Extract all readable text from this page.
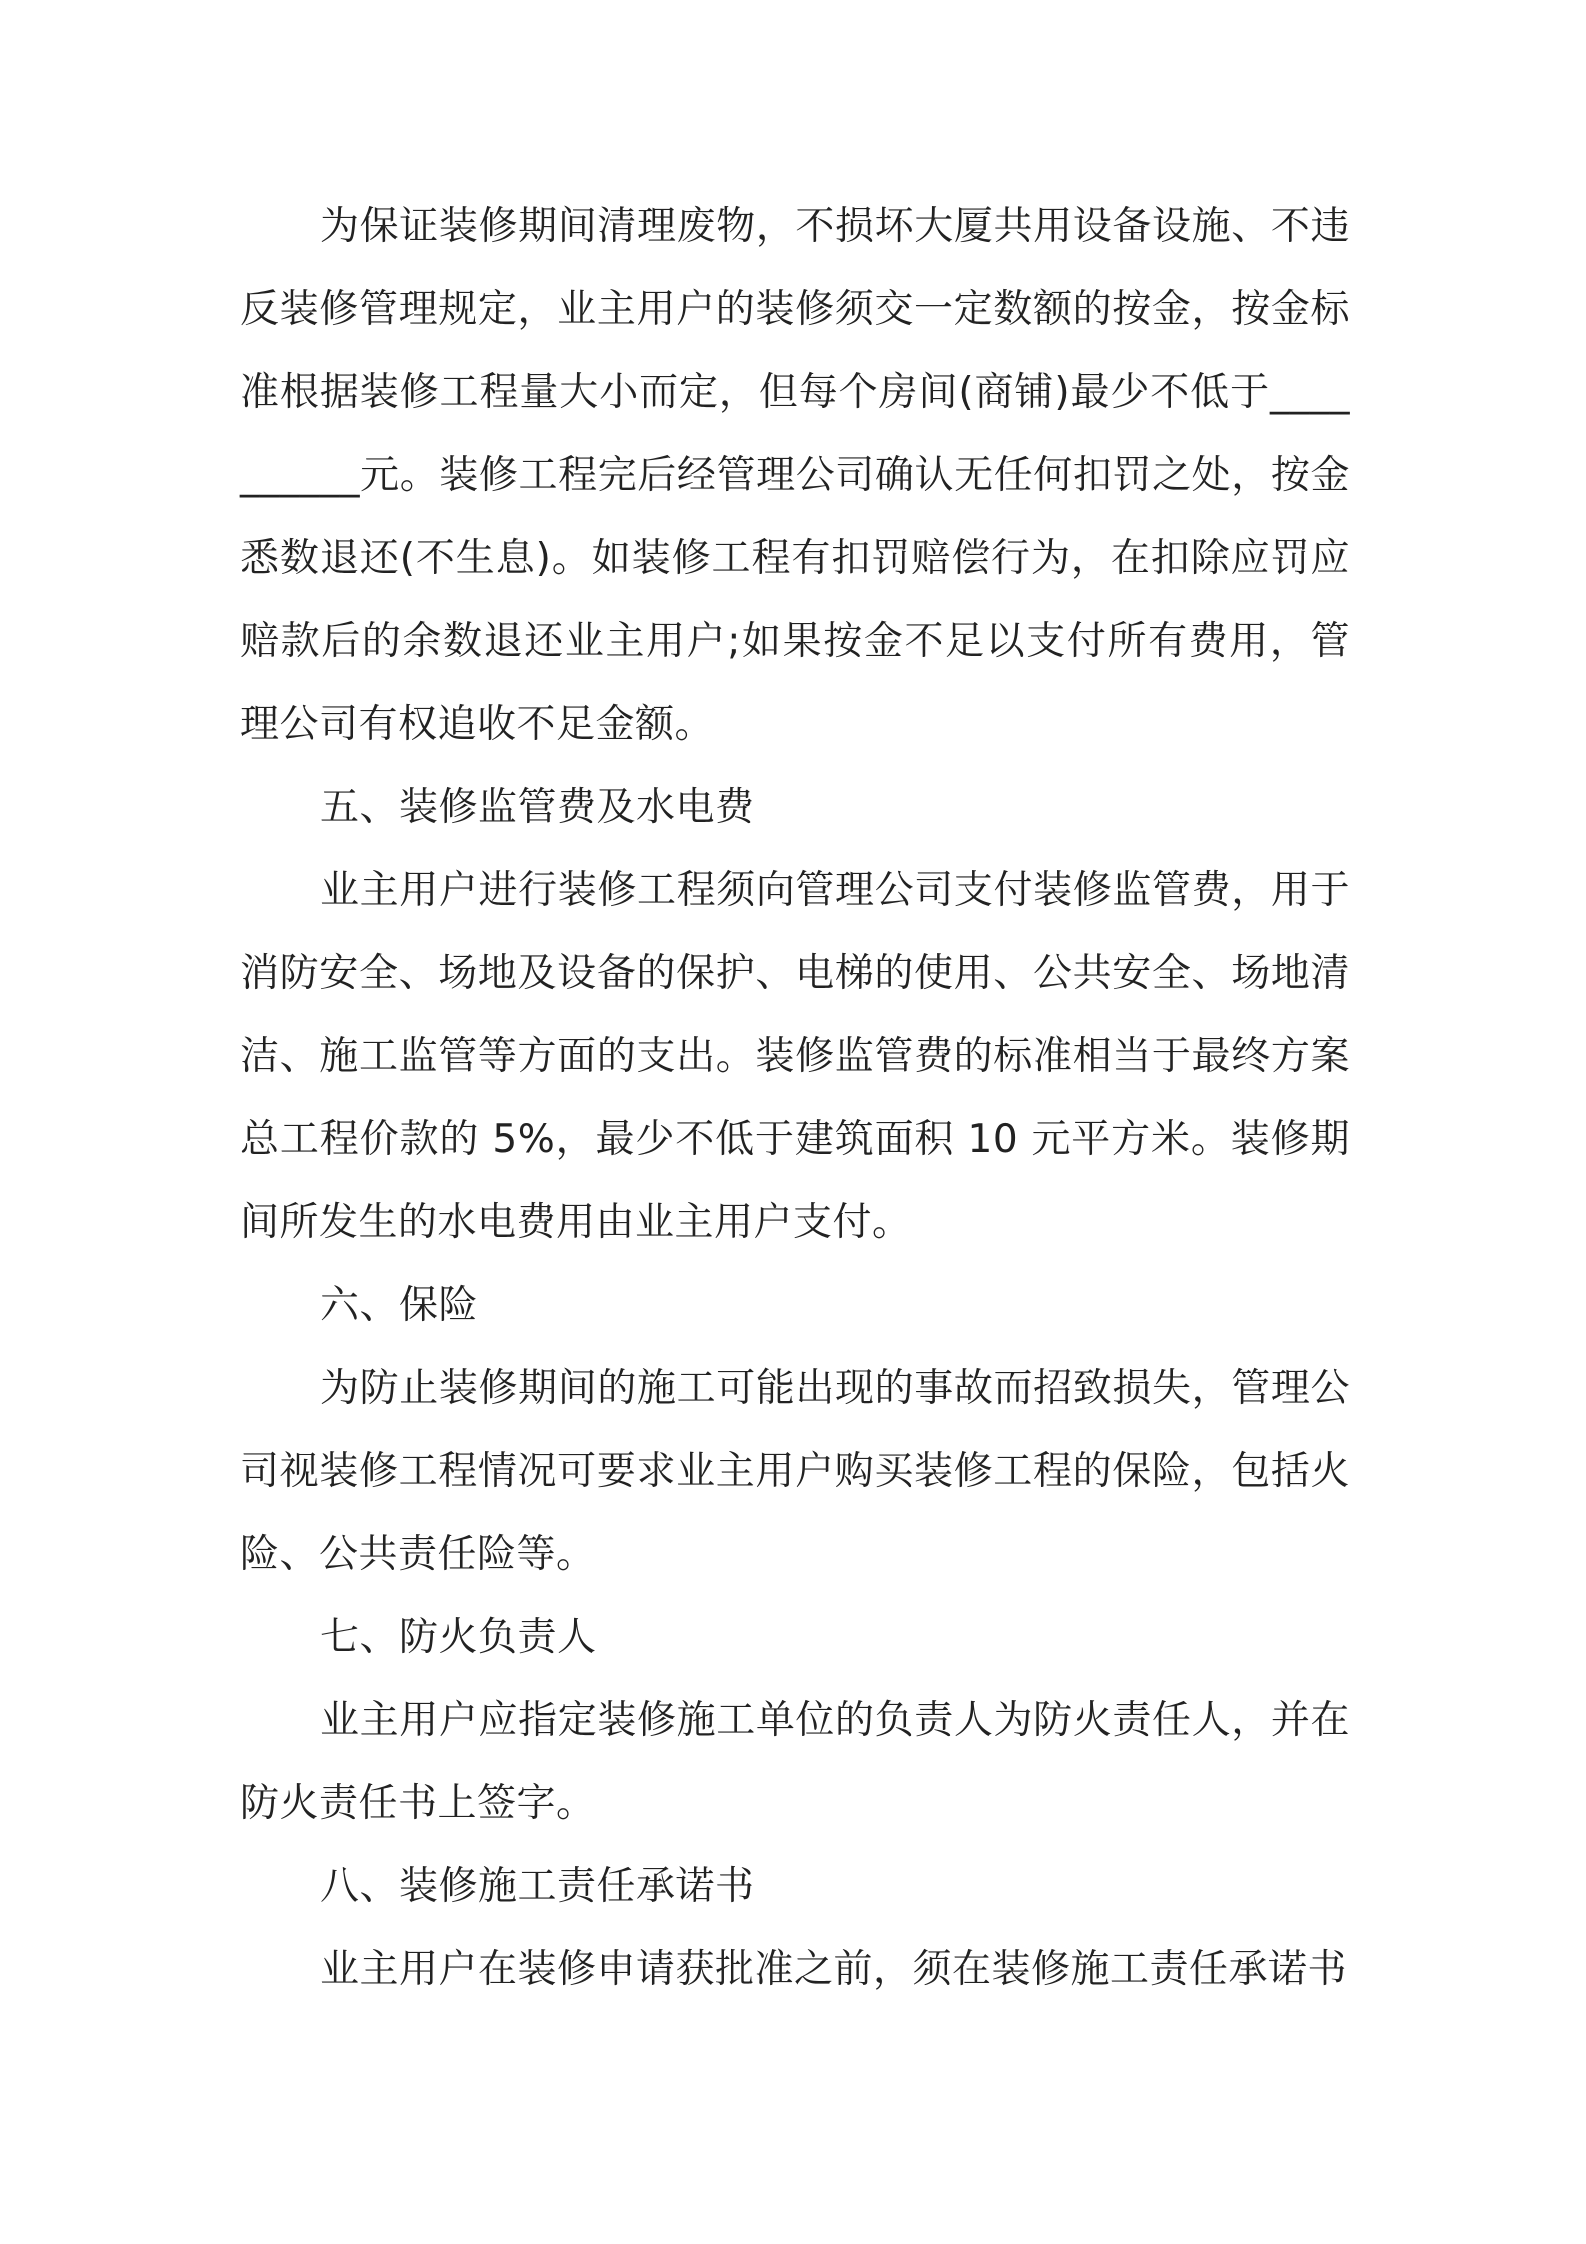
为保证装修期间清理废物，不损坏大厦共用设备设施、不违反装修管理规定，业主用户的装修须交一定数额的按金，按金标准根据装修工程量大小而定，但每个房间(商铺)最少不低于__________元。装修工程完后经管理公司确认无任何扣罚之处，按金悉数退还(不生息)。如装修工程有扣罚赔偿行为，在扣除应罚应赔款后的余数退还业主用户;如果按金不足以支付所有费用，管理公司有权追收不足金额。

五、装修监管费及水电费

业主用户进行装修工程须向管理公司支付装修监管费，用于消防安全、场地及设备的保护、电梯的使用、公共安全、场地清洁、施工监管等方面的支出。装修监管费的标准相当于最终方案总工程价款的 5%，最少不低于建筑面积 10 元平方米。装修期间所发生的水电费用由业主用户支付。

六、保险

为防止装修期间的施工可能出现的事故而招致损失，管理公司视装修工程情况可要求业主用户购买装修工程的保险，包括火险、公共责任险等。

七、防火负责人

业主用户应指定装修施工单位的负责人为防火责任人，并在防火责任书上签字。

八、装修施工责任承诺书

业主用户在装修申请获批准之前，须在装修施工责任承诺书
